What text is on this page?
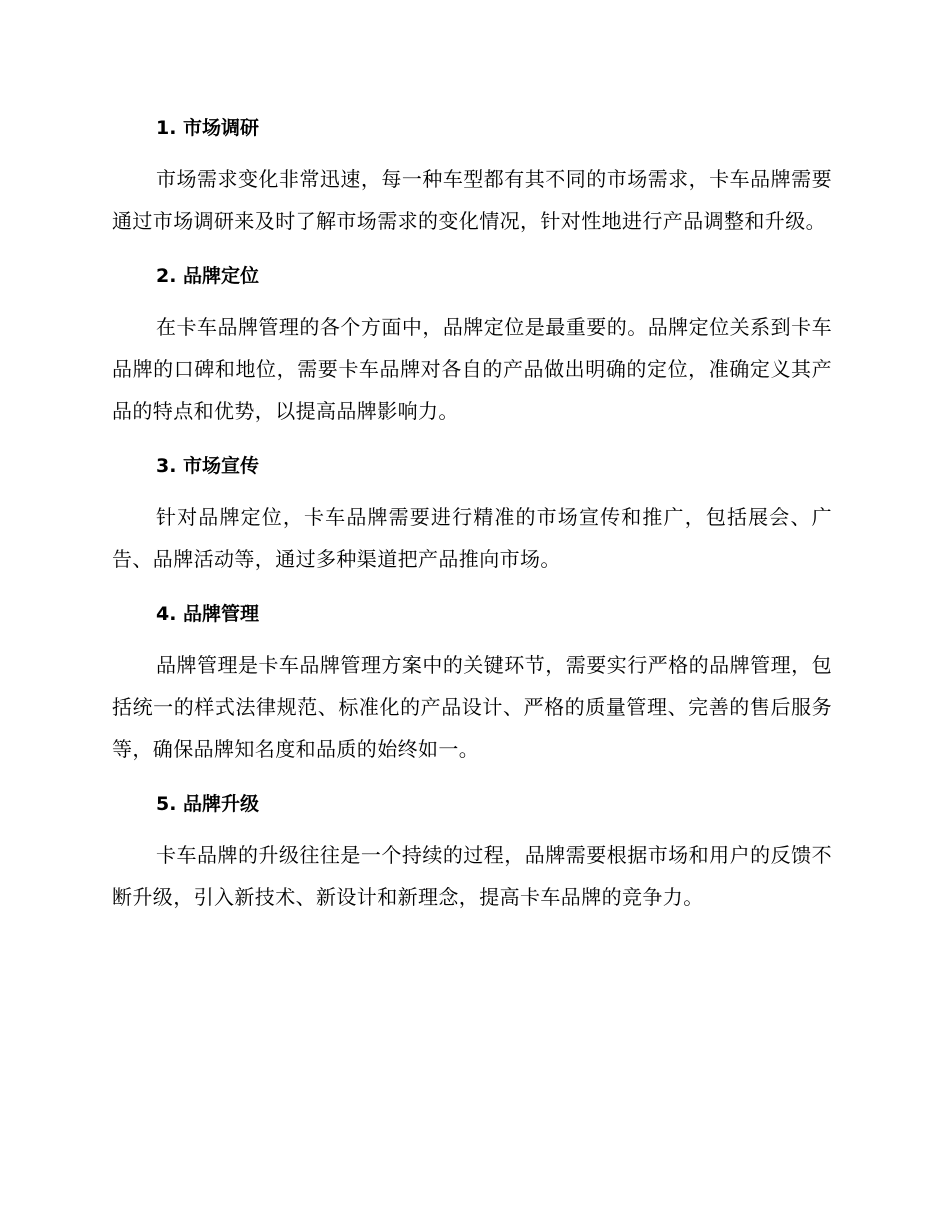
1. 市场调研

市场需求变化非常迅速，每一种车型都有其不同的市场需求，卡车品牌需要通过市场调研来及时了解市场需求的变化情况，针对性地进行产品调整和升级。

2. 品牌定位

在卡车品牌管理的各个方面中，品牌定位是最重要的。品牌定位关系到卡车品牌的口碑和地位，需要卡车品牌对各自的产品做出明确的定位，准确定义其产品的特点和优势，以提高品牌影响力。

3. 市场宣传

针对品牌定位，卡车品牌需要进行精准的市场宣传和推广，包括展会、广告、品牌活动等，通过多种渠道把产品推向市场。

4. 品牌管理

品牌管理是卡车品牌管理方案中的关键环节，需要实行严格的品牌管理，包括统一的样式法律规范、标准化的产品设计、严格的质量管理、完善的售后服务等，确保品牌知名度和品质的始终如一。

5. 品牌升级

卡车品牌的升级往往是一个持续的过程，品牌需要根据市场和用户的反馈不断升级，引入新技术、新设计和新理念，提高卡车品牌的竞争力。
